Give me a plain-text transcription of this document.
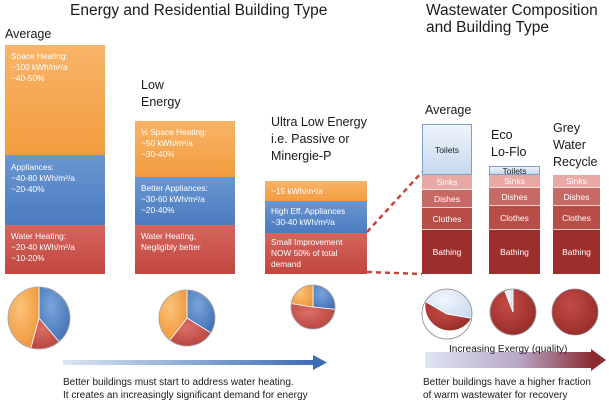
Energy and Residential Building Type	Wastewater Composition
and Building Type
Average
Low
Energy
Ultra Low Energy
i.e. Passive or
Minergie-P
Space Heating:
~100 kWh/m²/a
~40-50%
Appliances:
~40-80 kWh/m²/a
~20-40%
Water Heating:
~20-40 kWh/m²/a
~10-20%
½ Space Heating:
~50 kWh/m²/a
~30-40%
Better Appliances:
~30-60 kWh/m²/a
~20-40%
Water Heating,
Negligibly better
~15 kWh/m²/a
High Eff. Appliances
~30-40 kWh/m²/a
Small Improvement
NOW 50% of total
demand
Average
Eco
Lo-Flo
Grey
Water
Recycle
Toilets
Sinks
Dishes
Clothes
Bathing
Toilets
Sinks
Dishes
Clothes
Bathing
Sinks
Dishes
Clothes
Bathing
Increasing Exergy (quality)
Better buildings must start to address water heating.
It creates an increasingly significant demand for energy
Better buildings have a higher fraction
of warm wastewater for recovery
